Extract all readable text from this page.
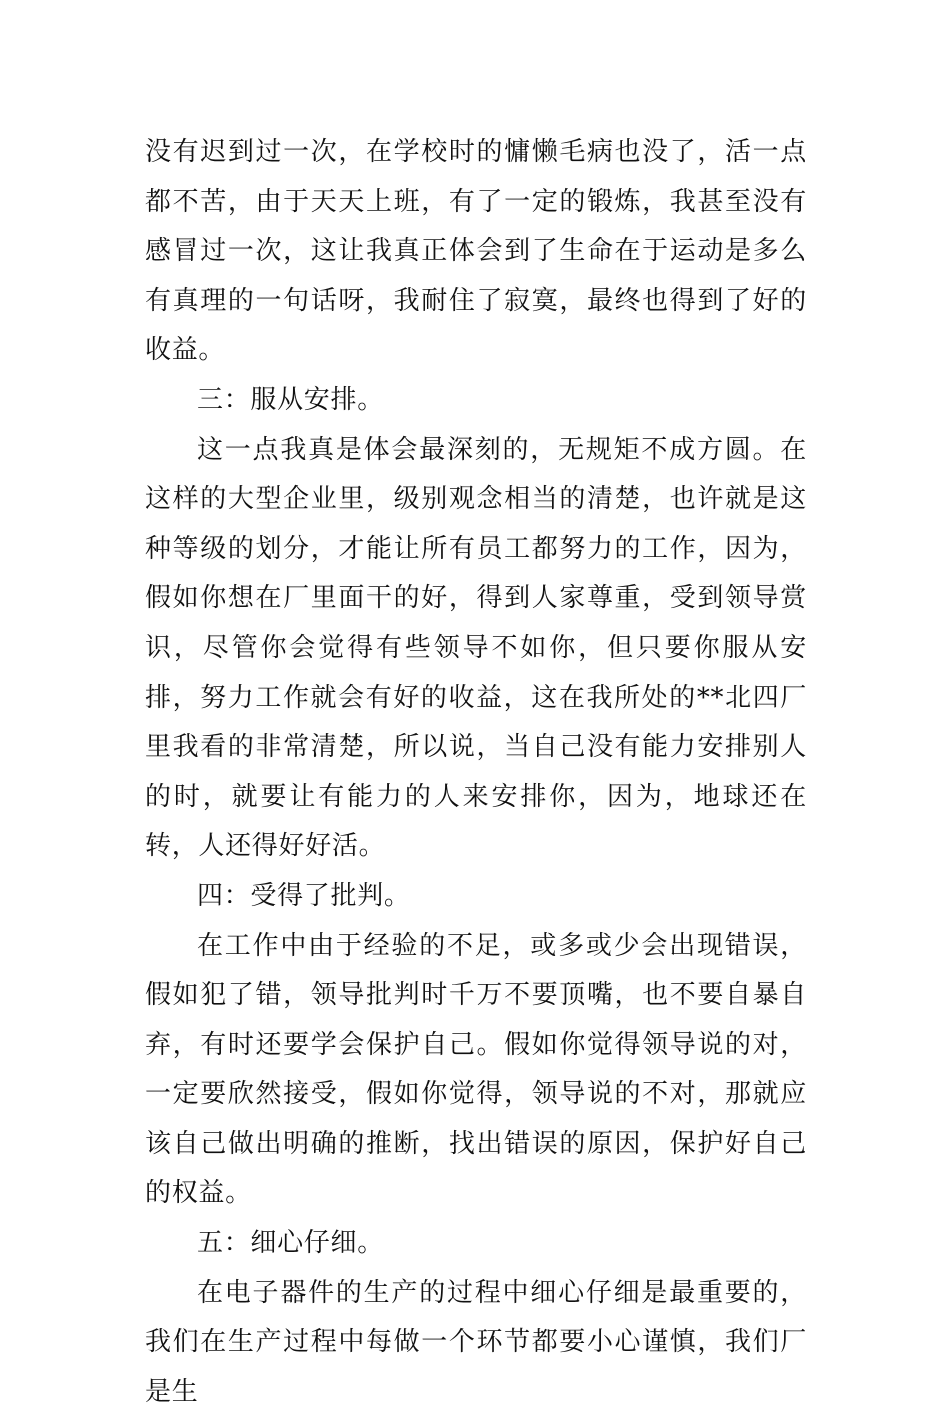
没有迟到过一次，在学校时的慵懒毛病也没了，活一点都不苦，由于天天上班，有了一定的锻炼，我甚至没有感冒过一次，这让我真正体会到了生命在于运动是多么有真理的一句话呀，我耐住了寂寞，最终也得到了好的收益。

三：服从安排。

这一点我真是体会最深刻的，无规矩不成方圆。在这样的大型企业里，级别观念相当的清楚，也许就是这种等级的划分，才能让所有员工都努力的工作，因为，假如你想在厂里面干的好，得到人家尊重，受到领导赏识，尽管你会觉得有些领导不如你，但只要你服从安排，努力工作就会有好的收益，这在我所处的**北四厂里我看的非常清楚，所以说，当自己没有能力安排别人的时，就要让有能力的人来安排你，因为，地球还在转，人还得好好活。

四：受得了批判。

在工作中由于经验的不足，或多或少会出现错误，假如犯了错，领导批判时千万不要顶嘴，也不要自暴自弃，有时还要学会保护自己。假如你觉得领导说的对，一定要欣然接受，假如你觉得，领导说的不对，那就应该自己做出明确的推断，找出错误的原因，保护好自己的权益。

五：细心仔细。

在电子器件的生产的过程中细心仔细是最重要的，我们在生产过程中每做一个环节都要小心谨慎，我们厂是生
